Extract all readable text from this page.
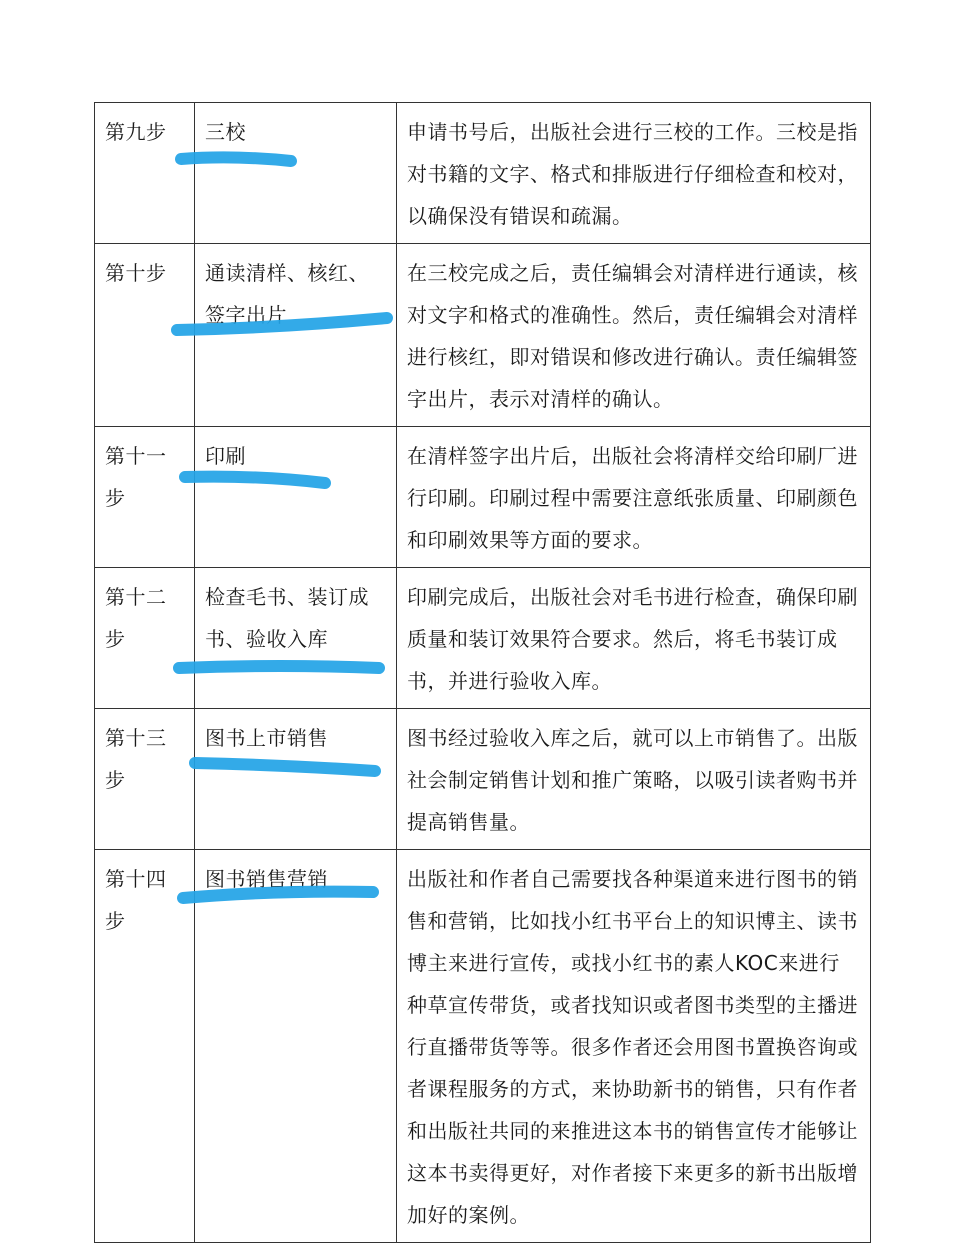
第九步	三校	申请书号后，出版社会进行三校的工作。三校是指对书籍的文字、格式和排版进行仔细检查和校对，以确保没有错误和疏漏。
第十步	通读清样、核红、签字出片	在三校完成之后，责任编辑会对清样进行通读，核对文字和格式的准确性。然后，责任编辑会对清样进行核红，即对错误和修改进行确认。责任编辑签字出片，表示对清样的确认。
第十一步	印刷	在清样签字出片后，出版社会将清样交给印刷厂进行印刷。印刷过程中需要注意纸张质量、印刷颜色和印刷效果等方面的要求。
第十二步	检查毛书、装订成书、验收入库	印刷完成后，出版社会对毛书进行检查，确保印刷质量和装订效果符合要求。然后，将毛书装订成书，并进行验收入库。
第十三步	图书上市销售	图书经过验收入库之后，就可以上市销售了。出版社会制定销售计划和推广策略，以吸引读者购书并提高销售量。
第十四步	图书销售营销	出版社和作者自己需要找各种渠道来进行图书的销售和营销，比如找小红书平台上的知识博主、读书博主来进行宣传，或找小红书的素人KOC来进行种草宣传带货，或者找知识或者图书类型的主播进行直播带货等等。很多作者还会用图书置换咨询或者课程服务的方式，来协助新书的销售，只有作者和出版社共同的来推进这本书的销售宣传才能够让这本书卖得更好，对作者接下来更多的新书出版增加好的案例。
